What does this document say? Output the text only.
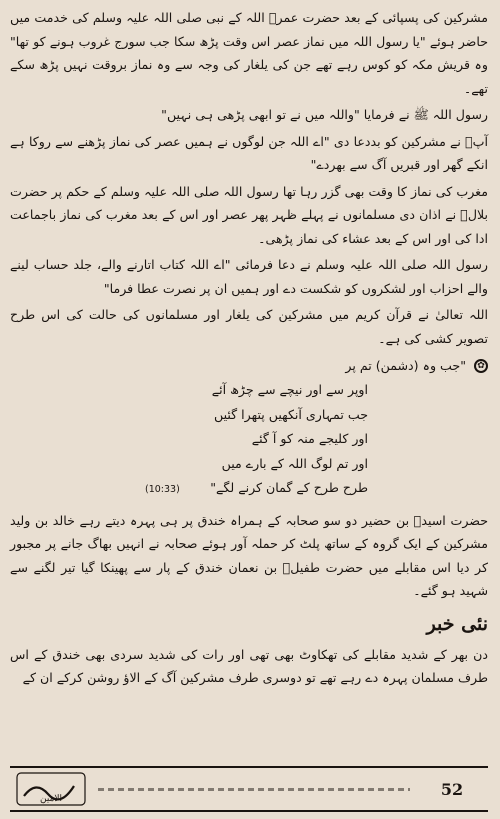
مشرکین کی پسپائی کے بعد حضرت عمرؓ اللہ کے نبی صلی اللہ علیہ وسلم کی خدمت میں حاضر ہوئے "یا رسول اللہ میں نماز عصر اس وقت پڑھ سکا جب سورج غروب ہونے کو تھا" وہ قریش مکہ کو کوس رہے تھے جن کی یلغار کی وجہ سے وہ نماز بروقت نہیں پڑھ سکے تھے۔

رسول اللہ ﷺ نے فرمایا "واللہ میں نے تو ابھی پڑھی ہی نہیں"

آپؐ نے مشرکین کو بددعا دی "اے اللہ جن لوگوں نے ہمیں عصر کی نماز پڑھنے سے روکا ہے انکے گھر اور قبریں آگ سے بھردے"

مغرب کی نماز کا وقت بھی گزر رہا تھا رسول اللہ صلی اللہ علیہ وسلم کے حکم پر حضرت بلالؓ نے اذان دی مسلمانوں نے پہلے ظہر پھر عصر اور اس کے بعد مغرب کی نماز باجماعت ادا کی اور اس کے بعد عشاء کی نماز پڑھی۔

رسول اللہ صلی اللہ علیہ وسلم نے دعا فرمائی "اے اللہ کتاب اتارنے والے، جلد حساب لینے والے احزاب اور لشکروں کو شکست دے اور ہمیں ان پر نصرت عطا فرما"

اللہ تعالیٰ نے قرآن کریم میں مشرکین کی یلغار اور مسلمانوں کی حالت کی اس طرح تصویر کشی کی ہے۔

✿
"جب وہ (دشمن) تم پر
اوپر سے اور نیچے سے چڑھ آئے
جب تمہاری آنکھیں پتھرا گئیں
اور کلیجے منہ کو آ گئے
اور تم لوگ اللہ کے بارے میں
طرح طرح کے گمان کرنے لگے"
(10:33)

حضرت اسیدؓ بن حضیر دو سو صحابہ کے ہمراہ خندق پر ہی پہرہ دیتے رہے خالد بن ولید مشرکین کے ایک گروہ کے ساتھ پلٹ کر حملہ آور ہوئے صحابہ نے انہیں بھاگ جانے پر مجبور کر دیا اس مقابلے میں حضرت طفیلؓ بن نعمان خندق کے پار سے پھینکا گیا تیر لگنے سے شہید ہو گئے۔

نئی خبر

دن بھر کے شدید مقابلے کی تھکاوٹ بھی تھی اور رات کی شدید سردی بھی خندق کے اس طرف مسلمان پہرہ دے رہے تھے تو دوسری طرف مشرکین آگ کے الاؤ روشن کرکے ان کے

الامین
52
